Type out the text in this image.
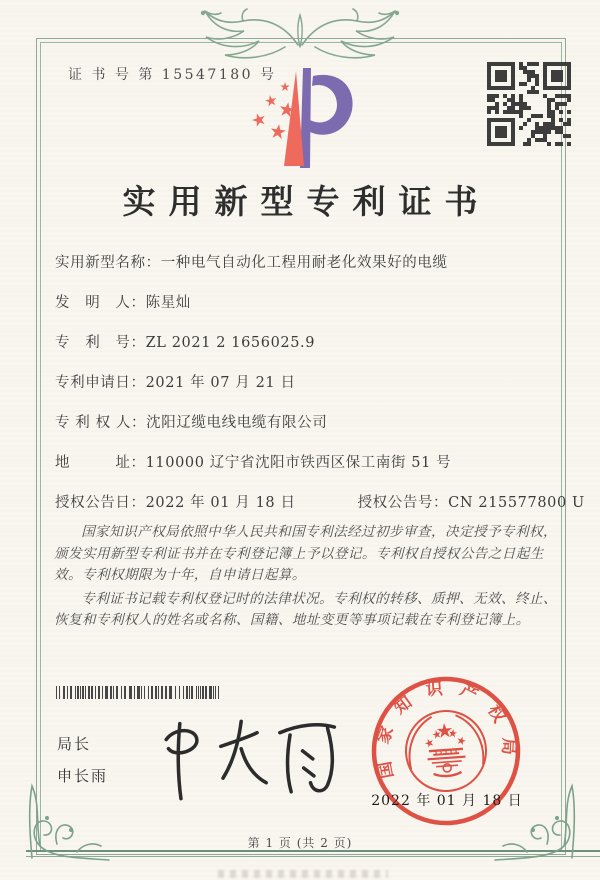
证 书 号 第 15547180 号
实用新型专利证书
实用新型名称：一种电气自动化工程用耐老化效果好的电缆
发　明　人：陈星灿
专　利　号：ZL 2021 2 1656025.9
专利申请日：2021 年 07 月 21 日
专 利 权 人：沈阳辽缆电线电缆有限公司
地　　　址：110000 辽宁省沈阳市铁西区保工南街 51 号
授权公告日：2022 年 01 月 18 日	授权公告号：CN 215577800 U

国家知识产权局依照中华人民共和国专利法经过初步审查，决定授予专利权，颁发实用新型专利证书并在专利登记簿上予以登记。专利权自授权公告之日起生效。专利权期限为十年，自申请日起算。

专利证书记载专利权登记时的法律状况。专利权的转移、质押、无效、终止、恢复和专利权人的姓名或名称、国籍、地址变更等事项记载在专利登记簿上。

局长
申长雨	国家知识产权局
2022 年 01 月 18 日
第 1 页 (共 2 页)
